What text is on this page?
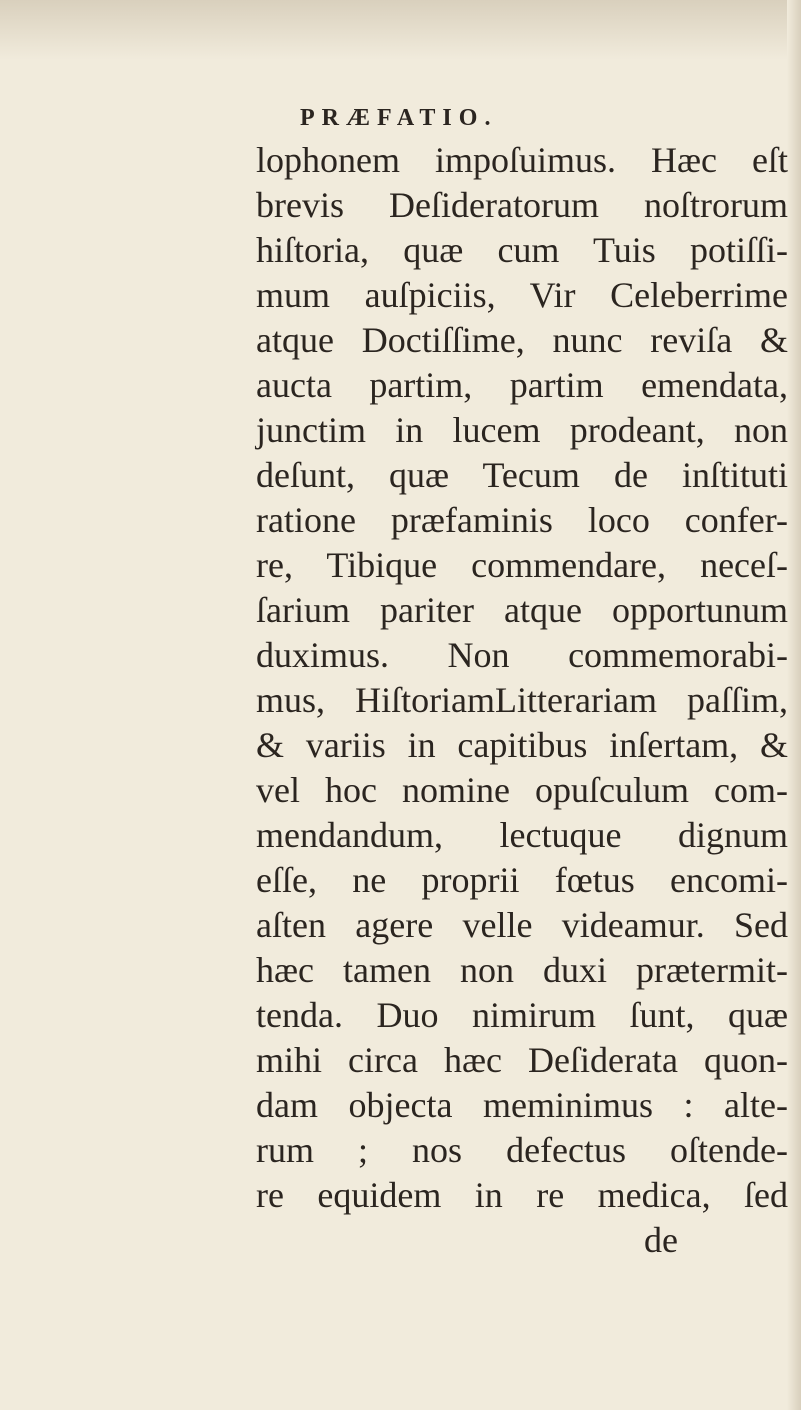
PRÆFATIO.
lophonem impoſuimus. Hæc eſt
brevis Deſideratorum noſtrorum
hiſtoria, quæ cum Tuis potiſſi-
mum auſpiciis, Vir Celeberrime
atque Doctiſſime, nunc reviſa &
aucta partim, partim emendata,
junctim in lucem prodeant, non
deſunt, quæ Tecum de inſtituti
ratione præfaminis loco confer-
re, Tibique commendare, neceſ-
ſarium pariter atque opportunum
duximus. Non commemorabi-
mus, HiſtoriamLitterariam paſſim,
& variis in capitibus inſertam, &
vel hoc nomine opuſculum com-
mendandum, lectuque dignum
eſſe, ne proprii fœtus encomi-
aſten agere velle videamur. Sed
hæc tamen non duxi prætermit-
tenda. Duo nimirum ſunt, quæ
mihi circa hæc Deſiderata quon-
dam objecta meminimus : alte-
rum ; nos defectus oſtende-
re equidem in re medica, ſed
de
